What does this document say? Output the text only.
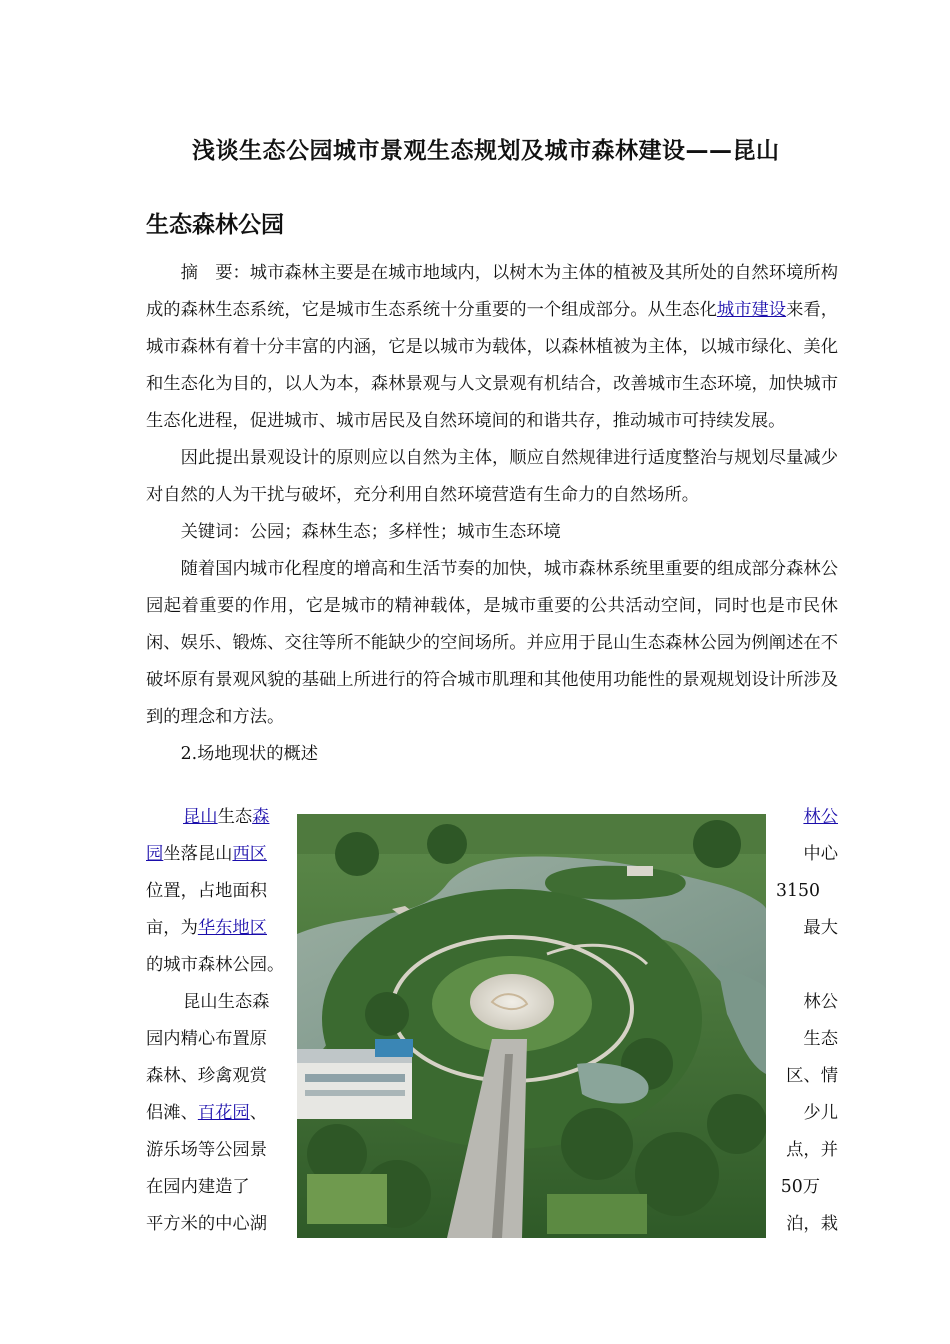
浅谈生态公园城市景观生态规划及城市森林建设——昆山
生态森林公园

摘　要：城市森林主要是在城市地域内，以树木为主体的植被及其所处的自然环境所构成的森林生态系统，它是城市生态系统十分重要的一个组成部分。从生态化城市建设来看，城市森林有着十分丰富的内涵，它是以城市为载体，以森林植被为主体，以城市绿化、美化和生态化为目的，以人为本，森林景观与人文景观有机结合，改善城市生态环境，加快城市生态化进程，促进城市、城市居民及自然环境间的和谐共存，推动城市可持续发展。

因此提出景观设计的原则应以自然为主体，顺应自然规律进行适度整治与规划尽量减少对自然的人为干扰与破坏，充分利用自然环境营造有生命力的自然场所。

关键词：公园；森林生态；多样性；城市生态环境

随着国内城市化程度的增高和生活节奏的加快，城市森林系统里重要的组成部分森林公园起着重要的作用，它是城市的精神载体，是城市重要的公共活动空间，同时也是市民休闲、娱乐、锻炼、交往等所不能缺少的空间场所。并应用于昆山生态森林公园为例阐述在不破坏原有景观风貌的基础上所进行的符合城市肌理和其他使用功能性的景观规划设计所涉及到的理念和方法。

2.场地现状的概述

昆山生态森	林公
园坐落昆山西区	中心
位置，占地面积	3150
亩，为华东地区	最大
的城市森林公园。
昆山生态森	林公
园内精心布置原	生态
森林、珍禽观赏	区、情
侣滩、百花园、	少儿
游乐场等公园景	点，并
在园内建造了	50万
平方米的中心湖	泊，栽
